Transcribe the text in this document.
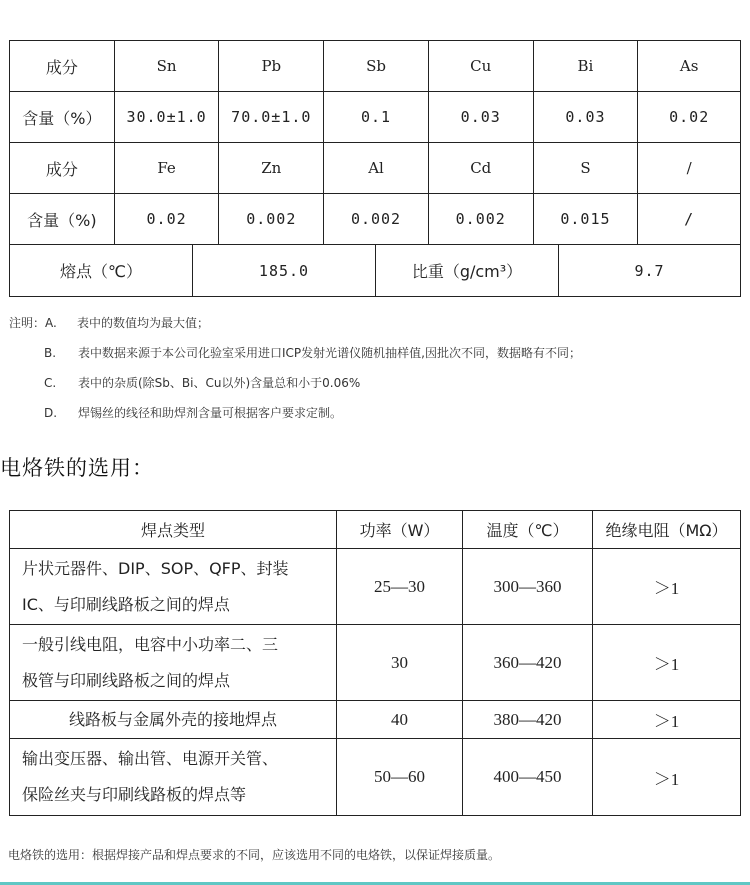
成分	Sn	Pb	Sb	Cu	Bi	As
含量（%）	30.0±1.0	70.0±1.0	0.1	0.03	0.03	0.02
成分	Fe	Zn	Al	Cd	S	/
含量（%)	0.02	0.002	0.002	0.002	0.015	/
熔点（℃）	185.0	比重（g/cm³）	9.7
注明：A. 表中的数值均为最大值；
B. 表中数据来源于本公司化验室采用进口ICP发射光谱仪随机抽样值,因批次不同，数据略有不同；
C. 表中的杂质(除Sb、Bi、Cu以外)含量总和小于0.06%
D. 焊锡丝的线径和助焊剂含量可根据客户要求定制。
电烙铁的选用：
焊点类型	功率（W）	温度（℃）	绝缘电阻（MΩ）
片状元器件、DIP、SOP、QFP、封装
IC、与印刷线路板之间的焊点
25—30	300—360	＞1
一般引线电阻，电容中小功率二、三
极管与印刷线路板之间的焊点
30	360—420	＞1
线路板与金属外壳的接地焊点	40	380—420	＞1
输出变压器、输出管、电源开关管、
保险丝夹与印刷线路板的焊点等
50—60	400—450	＞1
电烙铁的选用：根据焊接产品和焊点要求的不同，应该选用不同的电烙铁，以保证焊接质量。
